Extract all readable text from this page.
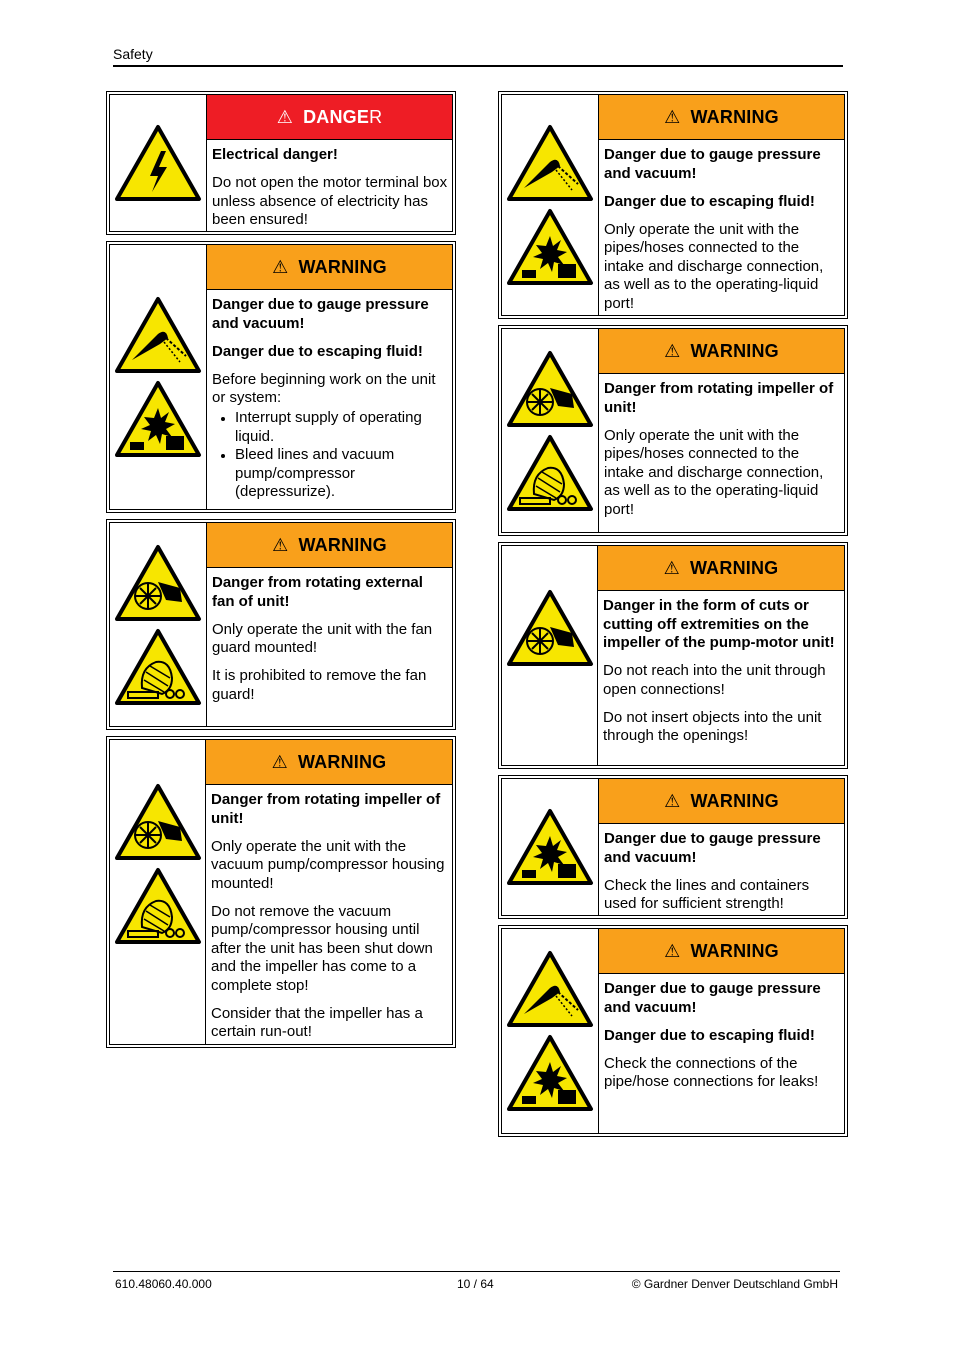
Safety
⚠ DANGE R

Electrical danger!

Do not open the motor terminal box unless absence of electricity has been ensured!

⚠ WARNING

Danger due to gauge pressure and vacuum!

Danger due to escaping fluid!

Before beginning work on the unit or system:

• Interrupt supply of operating liquid.
• Bleed lines and vacuum pump/compressor (depressurize).
⚠ WARNING

Danger from rotating external fan of unit!

Only operate the unit with the fan guard mounted!

It is prohibited to remove the fan guard!

⚠ WARNING

Danger from rotating impeller of unit!

Only operate the unit with the vacuum pump/compressor housing mounted!

Do not remove the vacuum pump/compressor housing until after the unit has been shut down and the impeller has come to a complete stop!

Consider that the impeller has a certain run-out!

⚠ WARNING

Danger due to gauge pressure and vacuum!

Danger due to escaping fluid!

Only operate the unit with the pipes/hoses connected to the intake and discharge connection, as well as to the operating-liquid port!

⚠ WARNING

Danger from rotating impeller of unit!

Only operate the unit with the pipes/hoses connected to the intake and discharge connection, as well as to the operating-liquid port!

⚠ WARNING

Danger in the form of cuts or cutting off extremities on the impeller of the pump-motor unit!

Do not reach into the unit through open connections!

Do not insert objects into the unit through the openings!

⚠ WARNING

Danger due to gauge pressure and vacuum!

Check the lines and containers used for sufficient strength!

⚠ WARNING

Danger due to gauge pressure and vacuum!

Danger due to escaping fluid!

Check the connections of the pipe/hose connections for leaks!

610.48060.40.000	10 / 64	© Gardner Denver Deutschland GmbH
